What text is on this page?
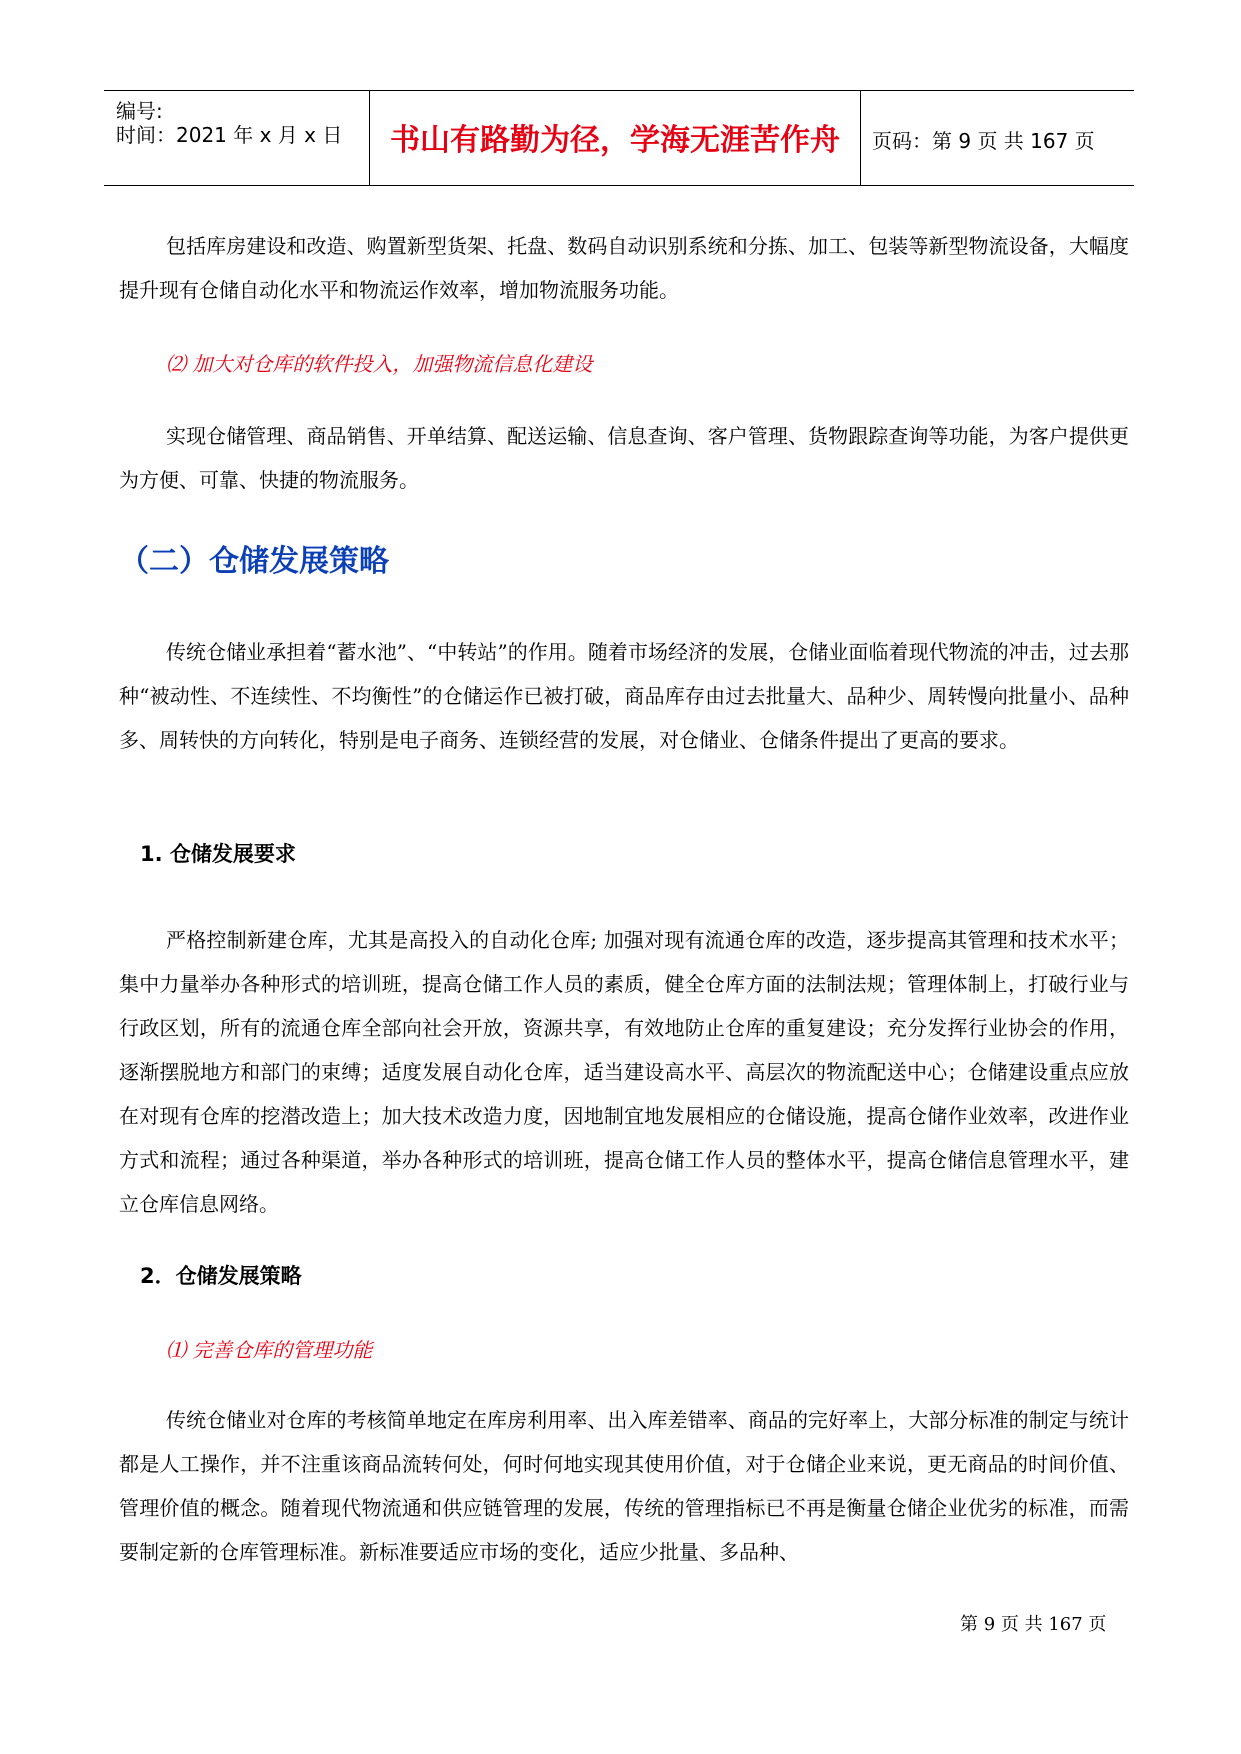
编号:
时间：2021 年 x 月 x 日	书山有路勤为径，学海无涯苦作舟	页码：第 9 页 共 167 页
包括库房建设和改造、购置新型货架、托盘、数码自动识别系统和分拣、加工、包装等新型物流设备，大幅度提升现有仓储自动化水平和物流运作效率，增加物流服务功能。
⑵ 加大对仓库的软件投入，加强物流信息化建设
实现仓储管理、商品销售、开单结算、配送运输、信息查询、客户管理、货物跟踪查询等功能，为客户提供更为方便、可靠、快捷的物流服务。
（二）仓储发展策略
传统仓储业承担着“蓄水池”、“中转站”的作用。随着市场经济的发展，仓储业面临着现代物流的冲击，过去那种“被动性、不连续性、不均衡性”的仓储运作已被打破，商品库存由过去批量大、品种少、周转慢向批量小、品种多、周转快的方向转化，特别是电子商务、连锁经营的发展，对仓储业、仓储条件提出了更高的要求。
1. 仓储发展要求
严格控制新建仓库，尤其是高投入的自动化仓库; 加强对现有流通仓库的改造，逐步提高其管理和技术水平；集中力量举办各种形式的培训班，提高仓储工作人员的素质，健全仓库方面的法制法规；管理体制上，打破行业与行政区划，所有的流通仓库全部向社会开放，资源共享，有效地防止仓库的重复建设；充分发挥行业协会的作用，逐渐摆脱地方和部门的束缚；适度发展自动化仓库，适当建设高水平、高层次的物流配送中心；仓储建设重点应放在对现有仓库的挖潜改造上；加大技术改造力度，因地制宜地发展相应的仓储设施，提高仓储作业效率，改进作业方式和流程；通过各种渠道，举办各种形式的培训班，提高仓储工作人员的整体水平，提高仓储信息管理水平，建立仓库信息网络。
2．仓储发展策略
⑴ 完善仓库的管理功能
传统仓储业对仓库的考核简单地定在库房利用率、出入库差错率、商品的完好率上，大部分标准的制定与统计都是人工操作，并不注重该商品流转何处，何时何地实现其使用价值，对于仓储企业来说，更无商品的时间价值、管理价值的概念。随着现代物流通和供应链管理的发展，传统的管理指标已不再是衡量仓储企业优劣的标准，而需要制定新的仓库管理标准。新标准要适应市场的变化，适应少批量、多品种、
第 9 页 共 167 页
